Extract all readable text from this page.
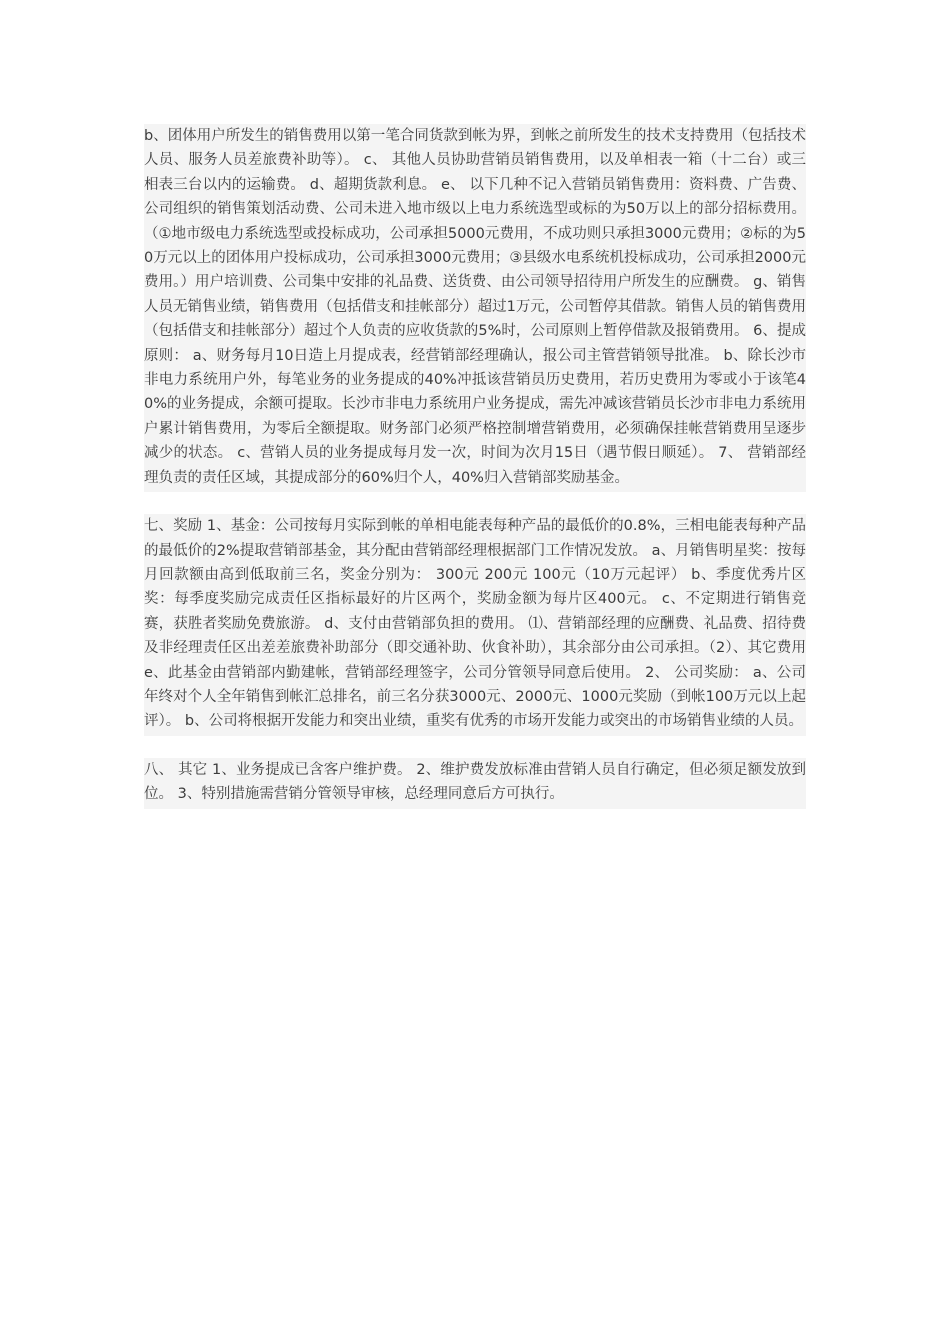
b、团体用户所发生的销售费用以第一笔合同货款到帐为界，到帐之前所发生的技术支持费用（包括技术人员、服务人员差旅费补助等）。 c、 其他人员协助营销员销售费用，以及单相表一箱（十二台）或三相表三台以内的运输费。 d、超期货款利息。 e、 以下几种不记入营销员销售费用：资料费、广告费、公司组织的销售策划活动费、公司未进入地市级以上电力系统选型或标的为50万以上的部分招标费用。（①地市级电力系统选型或投标成功，公司承担5000元费用，不成功则只承担3000元费用；②标的为50万元以上的团体用户投标成功，公司承担3000元费用；③县级水电系统机投标成功，公司承担2000元费用。）用户培训费、公司集中安排的礼品费、送货费、由公司领导招待用户所发生的应酬费。 g、销售人员无销售业绩，销售费用（包括借支和挂帐部分）超过1万元，公司暂停其借款。销售人员的销售费用（包括借支和挂帐部分）超过个人负责的应收货款的5%时，公司原则上暂停借款及报销费用。 6、提成原则： a、财务每月10日造上月提成表，经营销部经理确认，报公司主管营销领导批准。 b、除长沙市非电力系统用户外，每笔业务的业务提成的40%冲抵该营销员历史费用，若历史费用为零或小于该笔40%的业务提成，余额可提取。长沙市非电力系统用户业务提成，需先冲减该营销员长沙市非电力系统用户累计销售费用，为零后全额提取。财务部门必须严格控制增营销费用，必须确保挂帐营销费用呈逐步减少的状态。 c、营销人员的业务提成每月发一次，时间为次月15日（遇节假日顺延）。 7、 营销部经理负责的责任区域，其提成部分的60%归个人，40%归入营销部奖励基金。

七、奖励 1、基金：公司按每月实际到帐的单相电能表每种产品的最低价的0.8%，三相电能表每种产品的最低价的2%提取营销部基金，其分配由营销部经理根据部门工作情况发放。 a、月销售明星奖：按每月回款额由高到低取前三名，奖金分别为： 300元 200元 100元（10万元起评） b、季度优秀片区奖：每季度奖励完成责任区指标最好的片区两个，奖励金额为每片区400元。 c、不定期进行销售竞赛，获胜者奖励免费旅游。 d、支付由营销部负担的费用。 ⑴、营销部经理的应酬费、礼品费、招待费及非经理责任区出差差旅费补助部分（即交通补助、伙食补助），其余部分由公司承担。（2）、其它费用 e、此基金由营销部内勤建帐，营销部经理签字，公司分管领导同意后使用。 2、 公司奖励： a、公司年终对个人全年销售到帐汇总排名，前三名分获3000元、2000元、1000元奖励（到帐100万元以上起评）。 b、公司将根据开发能力和突出业绩，重奖有优秀的市场开发能力或突出的市场销售业绩的人员。

八、 其它 1、业务提成已含客户维护费。 2、维护费发放标准由营销人员自行确定，但必须足额发放到位。 3、特别措施需营销分管领导审核，总经理同意后方可执行。
